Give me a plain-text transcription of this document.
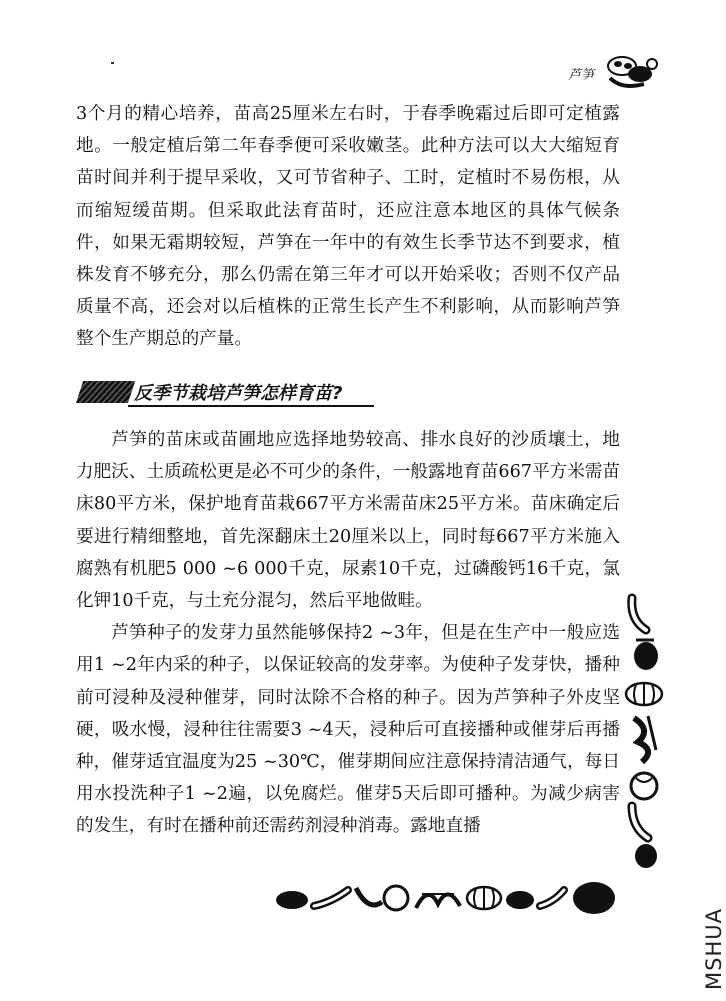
芦笋

3个月的精心培养，苗高25厘米左右时，于春季晚霜过后即可定植露地。一般定植后第二年春季便可采收嫩茎。此种方法可以大大缩短育苗时间并利于提早采收，又可节省种子、工时，定植时不易伤根，从而缩短缓苗期。但采取此法育苗时，还应注意本地区的具体气候条件，如果无霜期较短，芦笋在一年中的有效生长季节达不到要求，植株发育不够充分，那么仍需在第三年才可以开始采收；否则不仅产品质量不高，还会对以后植株的正常生长产生不利影响，从而影响芦笋整个生产期总的产量。

反季节栽培芦笋怎样育苗?

芦笋的苗床或苗圃地应选择地势较高、排水良好的沙质壤土，地力肥沃、土质疏松更是必不可少的条件，一般露地育苗667平方米需苗床80平方米，保护地育苗栽667平方米需苗床25平方米。苗床确定后要进行精细整地，首先深翻床土20厘米以上，同时每667平方米施入腐熟有机肥5 000 ~6 000千克，尿素10千克，过磷酸钙16千克，氯化钾10千克，与土充分混匀，然后平地做畦。

芦笋种子的发芽力虽然能够保持2 ~3年，但是在生产中一般应选用1 ~2年内采的种子，以保证较高的发芽率。为使种子发芽快，播种前可浸种及浸种催芽，同时汰除不合格的种子。因为芦笋种子外皮坚硬，吸水慢，浸种往往需要3 ~4天，浸种后可直接播种或催芽后再播种，催芽适宜温度为25 ~30℃，催芽期间应注意保持清洁通气，每日用水投洗种子1 ~2遍，以免腐烂。催芽5天后即可播种。为减少病害的发生，有时在播种前还需药剂浸种消毒。露地直播

MSHUA
